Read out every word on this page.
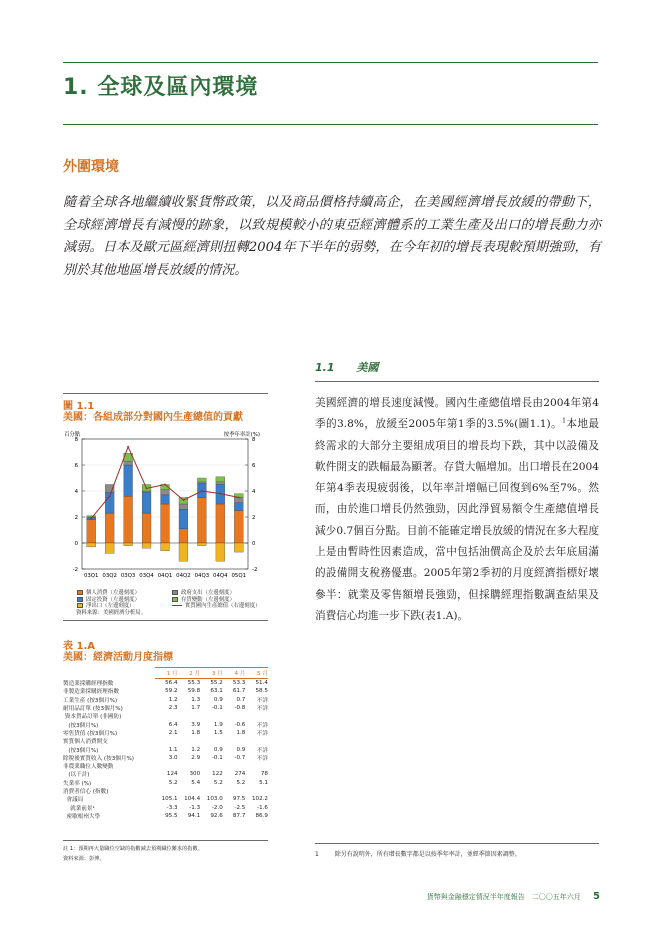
1. 全球及區內環境
外圍環境
隨着全球各地繼續收緊貨幣政策，以及商品價格持續高企，在美國經濟增長放緩的帶動下，全球經濟增長有減慢的跡象，以致規模較小的東亞經濟體系的工業生產及出口的增長動力亦減弱。日本及歐元區經濟則扭轉2004年下半年的弱勢，在今年初的增長表現較預期強勁，有別於其他地區增長放緩的情況。
1.1 美國
美國經濟的增長速度減慢。國內生產總值增長由2004年第4季的3.8%，放緩至2005年第1季的3.5%(圖1.1)。$^1$本地最終需求的大部分主要組成項目的增長均下跌，其中以設備及軟件開支的跌幅最為顯著。存貨大幅增加。出口增長在2004年第4季表現疲弱後，以年率計增幅已回復到6%至7%。然而，由於進口增長仍然強勁，因此淨貿易額令生產總值增長減少0.7個百分點。目前不能確定增長放緩的情況在多大程度上是由暫時性因素造成，當中包括油價高企及於去年底屆滿的設備開支稅務優惠。2005年第2季初的月度經濟指標好壞參半：就業及零售額增長強勁，但採購經理指數調查結果及消費信心均進一步下跌(表1.A)。
圖 1.1
美國：各組成部分對國內生產總值的貢獻
百分點	按季年率計(%)
-2	-2
0	0
2	2
4	4
6	6
8	8
03Q1 03Q2 03Q3 03Q4 04Q1 04Q2 04Q3 04Q4 05Q1
個人消費（左邊刻度）
固定投資（左邊刻度）
淨出口（左邊刻度）
政府支出（左邊刻度）
存貨變動（左邊刻度）
實質國內生產總值（右邊刻度）
資料來源：美國經濟分析局。
表 1.A
美國：經濟活動月度指標
1 月	2 月	3 月	4 月	5 月
製造業採購經理指數	56.4	55.3	55.2	53.3	51.4
非製造業採購經理指數	59.2	59.8	63.1	61.7	58.5
工業生產 (按3個月%)	1.2	1.3	0.9	0.7	不詳
耐用品訂單 (按3個月%)	2.3	1.7	-0.1	-0.8	不詳
資本貨品訂單 (非國防)
(按3個月%)	6.4	3.9	1.9	-0.6	不詳
零售貨值 (按3個月%)	2.1	1.8	1.5	1.8	不詳
實質個人消費開支
(按3個月%)	1.1	1.2	0.9	0.9	不詳
除稅後實質收入 (按3個月%)	3.0	2.9	-0.1	-0.7	不詳
非農業職位人數變動
(以千計)	124	300	122	274	78
失業率 (%)	5.2	5.4	5.2	5.2	5.1
消費者信心 (指數)
會議局	105.1	104.4	103.0	97.5	102.2
就業前景¹	-3.3	-1.3	-2.0	-2.5	-1.6
密歇根州大學	95.5	94.1	92.6	87.7	86.9
註 1：預期再大量職位空缺的指數減去預期職位難求的指數。
資料來源：彭博。
1	除另有說明外，所有增長數字都是以按季年率計，並經季節因素調整。
貨幣與金融穩定情況半年度報告　二〇〇五年六月 5
